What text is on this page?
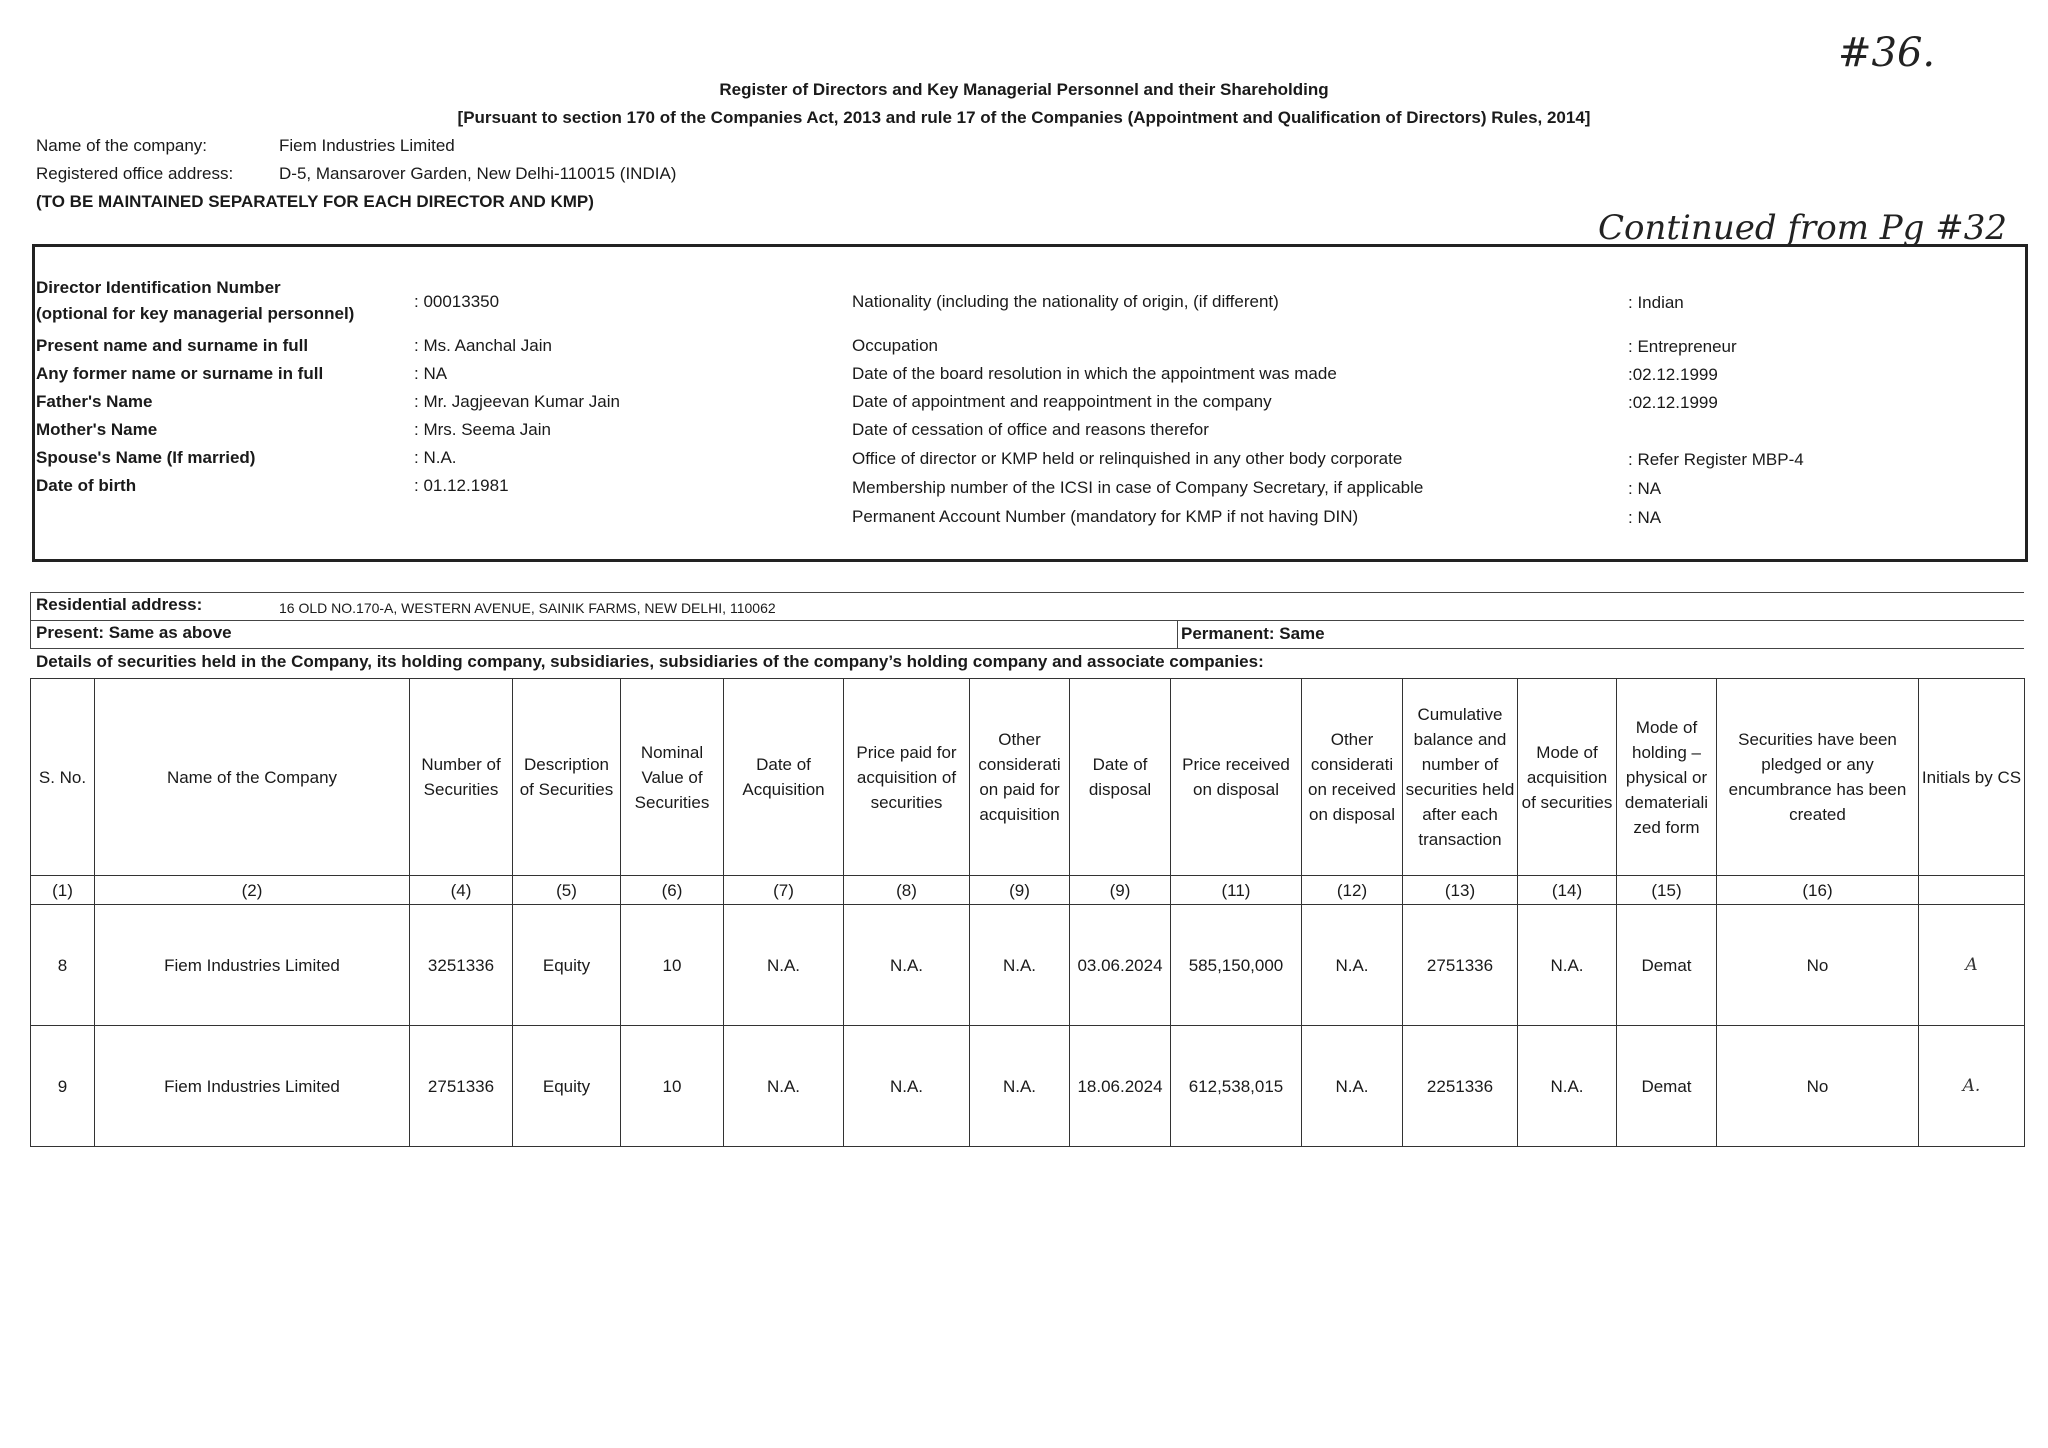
#36.
Continued from Pg #32
Register of Directors and Key Managerial Personnel and their Shareholding
[Pursuant to section 170 of the Companies Act, 2013 and rule 17 of the Companies (Appointment and Qualification of Directors) Rules, 2014]
Name of the company:	Fiem Industries Limited
Registered office address:	D-5, Mansarover Garden, New Delhi-110015 (INDIA)
(TO BE MAINTAINED SEPARATELY FOR EACH DIRECTOR AND KMP)
Director Identification Number
(optional for key managerial personnel)
: 00013350
Present name and surname in full	: Ms. Aanchal Jain
Any former name or surname in full	: NA
Father's Name	: Mr. Jagjeevan Kumar Jain
Mother's Name	: Mrs. Seema Jain
Spouse's Name (If married)	: N.A.
Date of birth	: 01.12.1981
Nationality (including the nationality of origin, (if different)	: Indian
Occupation	: Entrepreneur
Date of the board resolution in which the appointment was made	:02.12.1999
Date of appointment and reappointment in the company	:02.12.1999
Date of cessation of office and reasons therefor
Office of director or KMP held or relinquished in any other body corporate	: Refer Register MBP-4
Membership number of the ICSI in case of Company Secretary, if applicable	: NA
Permanent Account Number (mandatory for KMP if not having DIN)	: NA
Residential address:	16 OLD NO.170-A, WESTERN AVENUE, SAINIK FARMS, NEW DELHI, 110062
Present: Same as above	Permanent: Same
Details of securities held in the Company, its holding company, subsidiaries, subsidiaries of the company’s holding company and associate companies:
S. No.	Name of the Company	Number of Securities	Description of Securities	Nominal Value of Securities	Date of Acquisition	Price paid for acquisition of securities	Other considerati on paid for acquisition	Date of disposal	Price received on disposal	Other considerati on received on disposal	Cumulative balance and number of securities held after each transaction	Mode of acquisition of securities	Mode of holding – physical or demateriali zed form	Securities have been pledged or any encumbrance has been created	Initials by CS
(1)	(2)	(4)	(5)	(6)	(7)	(8)	(9)	(9)	(11)	(12)	(13)	(14)	(15)	(16)	
8	Fiem Industries Limited	3251336	Equity	10	N.A.	N.A.	N.A.	03.06.2024	585,150,000	N.A.	2751336	N.A.	Demat	No	A
9	Fiem Industries Limited	2751336	Equity	10	N.A.	N.A.	N.A.	18.06.2024	612,538,015	N.A.	2251336	N.A.	Demat	No	A.
